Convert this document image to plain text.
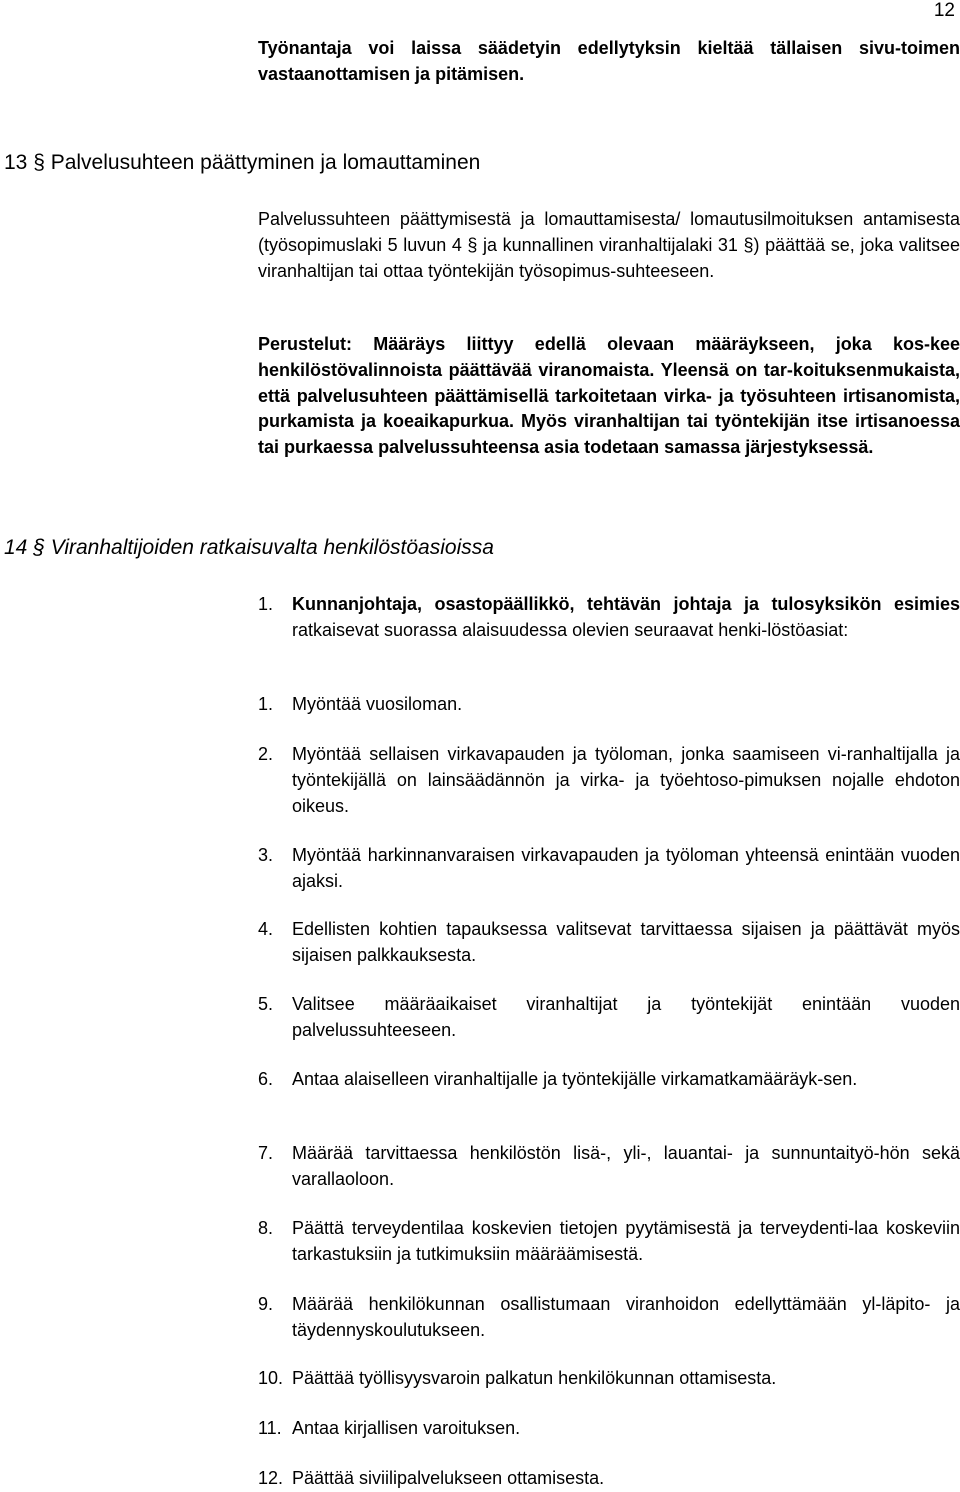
12

Työnantaja voi laissa säädetyin edellytyksin kieltää tällaisen sivu-toimen vastaanottamisen ja pitämisen.

13 § Palvelusuhteen päättyminen ja lomauttaminen

Palvelussuhteen päättymisestä ja lomauttamisesta/ lomautusilmoituksen antamisesta (työsopimuslaki 5 luvun 4 § ja kunnallinen viranhaltijalaki 31 §) päättää se, joka valitsee viranhaltijan tai ottaa työntekijän työsopimus-suhteeseen.

Perustelut: Määräys liittyy edellä olevaan määräykseen, joka kos-kee henkilöstövalinnoista päättävää viranomaista. Yleensä on tar-koituksenmukaista, että palvelusuhteen päättämisellä tarkoitetaan virka- ja työsuhteen irtisanomista, purkamista ja koeaikapurkua. Myös viranhaltijan tai työntekijän itse irtisanoessa tai purkaessa palvelussuhteensa asia todetaan samassa järjestyksessä.

14 § Viranhaltijoiden ratkaisuvalta henkilöstöasioissa
1.	Kunnanjohtaja, osastopäällikkö, tehtävän johtaja ja tulosyksikön esimies ratkaisevat suorassa alaisuudessa olevien seuraavat henki-löstöasiat:
1.	Myöntää vuosiloman.
2.	Myöntää sellaisen virkavapauden ja työloman, jonka saamiseen vi-ranhaltijalla ja työntekijällä on lainsäädännön ja virka- ja työehtoso-pimuksen nojalle ehdoton oikeus.
3.	Myöntää harkinnanvaraisen virkavapauden ja työloman yhteensä enintään vuoden ajaksi.
4.	Edellisten kohtien tapauksessa valitsevat tarvittaessa sijaisen ja päättävät myös sijaisen palkkauksesta.
5.	Valitsee määräaikaiset viranhaltijat ja työntekijät enintään vuoden palvelussuhteeseen.
6.	Antaa alaiselleen viranhaltijalle ja työntekijälle virkamatkamääräyk-sen.
7.	Määrää tarvittaessa henkilöstön lisä-, yli-, lauantai- ja sunnuntaityö-hön sekä varallaoloon.
8.	Päättä terveydentilaa koskevien tietojen pyytämisestä ja terveydenti-laa koskeviin tarkastuksiin ja tutkimuksiin määräämisestä.
9.	Määrää henkilökunnan osallistumaan viranhoidon edellyttämään yl-läpito- ja täydennyskoulutukseen.
10. Päättää työllisyysvaroin palkatun henkilökunnan ottamisesta.
11. Antaa kirjallisen varoituksen.
12. Päättää siviilipalvelukseen ottamisesta.
